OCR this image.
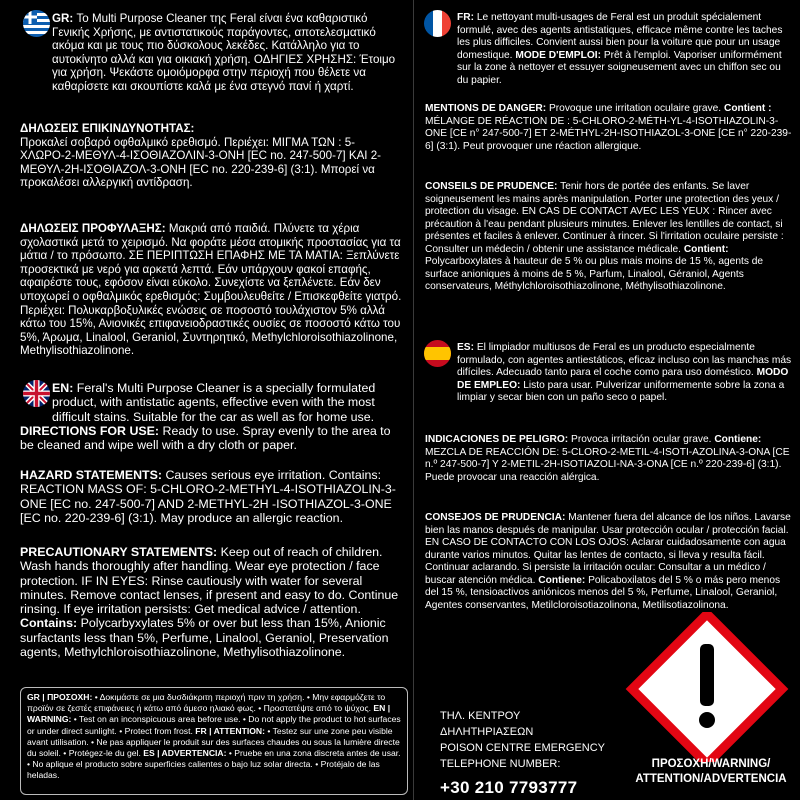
GR: Το Multi Purpose Cleaner της Feral είναι ένα καθαριστικό Γενικής Χρήσης, με αντιστατικούς παράγοντες, αποτελεσματικό ακόμα και με τους πιο δύσκολους λεκέδες. Κατάλληλο για το αυτοκίνητο αλλά και για οικιακή χρήση. ΟΔΗΓΙΕΣ ΧΡΗΣΗΣ: Έτοιμο για χρήση. Ψεκάστε ομοιόμορφα στην περιοχή που θέλετε να καθαρίσετε και σκουπίστε καλά με ένα στεγνό πανί ή χαρτί.

ΔΗΛΩΣΕΙΣ ΕΠΙΚΙΝΔΥΝΟΤΗΤΑΣ:

Προκαλεί σοβαρό οφθαλμικό ερεθισμό. Περιέχει: ΜΙΓΜΑ ΤΩΝ : 5-ΧΛΩΡΟ-2-ΜΕΘΥΛ-4-ΙΣΟΘΙΑΖΟΛΙΝ-3-ΟΝΗ [EC no. 247-500-7] ΚΑΙ 2-ΜΕΘΥΛ-2Η-ΙΣΟΘΙΑΖΟΛ-3-ΟΝΗ [EC no. 220-239-6] (3:1). Μπορεί να προκαλέσει αλλεργική αντίδραση.

ΔΗΛΩΣΕΙΣ ΠΡΟΦΥΛΑΞΗΣ: Μακριά από παιδιά. Πλύνετε τα χέρια σχολαστικά μετά το χειρισμό. Να φοράτε μέσα ατομικής προστασίας για τα μάτια / το πρόσωπο. ΣΕ ΠΕΡΙΠΤΩΣΗ ΕΠΑΦΗΣ ΜΕ ΤΑ ΜΑΤΙΑ: Ξεπλύνετε προσεκτικά με νερό για αρκετά λεπτά. Εάν υπάρχουν φακοί επαφής, αφαιρέστε τους, εφόσον είναι εύκολο. Συνεχίστε να ξεπλένετε. Εάν δεν υποχωρεί ο οφθαλμικός ερεθισμός: Συμβουλευθείτε / Επισκεφθείτε γιατρό. Περιέχει: Πολυκαρβοξυλικές ενώσεις σε ποσοστό τουλάχιστον 5% αλλά κάτω του 15%, Ανιονικές επιφανειοδραστικές ουσίες σε ποσοστό κάτω του 5%, Άρωμα, Linalool, Geraniol, Συντηρητικό, Methylchloroisothiazolinone, Methylisothiazolinone.

EN: Feral's Multi Purpose Cleaner is a specially formulated product, with antistatic agents, effective even with the most difficult stains. Suitable for the car as well as for home use.

DIRECTIONS FOR USE: Ready to use. Spray evenly to the area to be cleaned and wipe well with a dry cloth or paper.

HAZARD STATEMENTS: Causes serious eye irritation. Contains: REACTION MASS OF: 5-CHLORO-2-METHYL-4-ISOTHIAZOLIN-3-ONE [EC no. 247-500-7] AND 2-METHYL-2H -ISOTHIAZOL-3-ONE [EC no. 220-239-6] (3:1). May produce an allergic reaction.

PRECAUTIONARY STATEMENTS: Keep out of reach of children. Wash hands thoroughly after handling. Wear eye protection / face protection. IF IN EYES: Rinse cautiously with water for several minutes. Remove contact lenses, if present and easy to do. Continue rinsing. If eye irritation persists: Get medical advice / attention. Contains: Polycarbyxylates 5% or over but less than 15%, Anionic surfactants less than 5%, Perfume, Linalool, Geraniol, Preservation agents, Methylchloroisothiazolinone, Methylisothiazolinone.

GR | ΠΡΟΣΟΧΗ: • Δοκιμάστε σε μια δυσδιάκριτη περιοχή πριν τη χρήση. • Μην εφαρμόζετε το προϊόν σε ζεστές επιφάνειες ή κάτω από άμεσο ηλιακό φως. • Προστατέψτε από το ψύχος. EN | WARNING: • Test on an inconspicuous area before use. • Do not apply the product to hot surfaces or under direct sunlight. • Protect from frost. FR | ATTENTION: • Testez sur une zone peu visible avant utilisation. • Ne pas appliquer le produit sur des surfaces chaudes ou sous la lumière directe du soleil. • Protégez-le du gel. ES | ADVERTENCIA: • Pruebe en una zona discreta antes de usar. • No aplique el producto sobre superficies calientes o bajo luz solar directa. • Protéjalo de las heladas.

FR: Le nettoyant multi-usages de Feral est un produit spécialement formulé, avec des agents antistatiques, efficace même contre les taches les plus difficiles. Convient aussi bien pour la voiture que pour un usage domestique. MODE D'EMPLOI: Prêt à l'emploi. Vaporiser uniformément sur la zone à nettoyer et essuyer soigneusement avec un chiffon sec ou du papier.

MENTIONS DE DANGER: Provoque une irritation oculaire grave. Contient : MÉLANGE DE RÉACTION DE : 5-CHLORO-2-MÉTH-YL-4-ISOTHIAZOLIN-3-ONE [CE n° 247-500-7] ET 2-MÉTHYL-2H-ISOTHIAZOL-3-ONE [CE n° 220-239-6] (3:1). Peut provoquer une réaction allergique.

CONSEILS DE PRUDENCE: Tenir hors de portée des enfants. Se laver soigneusement les mains après manipulation. Porter une protection des yeux / protection du visage. EN CAS DE CONTACT AVEC LES YEUX : Rincer avec précaution à l'eau pendant plusieurs minutes. Enlever les lentilles de contact, si présentes et faciles à enlever. Continuer à rincer. Si l'irritation oculaire persiste : Consulter un médecin / obtenir une assistance médicale. Contient: Polycarboxylates à hauteur de 5 % ou plus mais moins de 15 %, agents de surface anioniques à moins de 5 %, Parfum, Linalool, Géraniol, Agents conservateurs, Méthylchloroisothiazolinone, Méthylisothiazolinone.

ES: El limpiador multiusos de Feral es un producto especialmente formulado, con agentes antiestáticos, eficaz incluso con las manchas más difíciles. Adecuado tanto para el coche como para uso doméstico. MODO DE EMPLEO: Listo para usar. Pulverizar uniformemente sobre la zona a limpiar y secar bien con un paño seco o papel.

INDICACIONES DE PELIGRO: Provoca irritación ocular grave. Contiene: MEZCLA DE REACCIÓN DE: 5-CLORO-2-METIL-4-ISOTI-AZOLINA-3-ONA [CE n.º 247-500-7] Y 2-METIL-2H-ISOTIAZOLI-NA-3-ONA [CE n.º 220-239-6] (3:1). Puede provocar una reacción alérgica.

CONSEJOS DE PRUDENCIA: Mantener fuera del alcance de los niños. Lavarse bien las manos después de manipular. Usar protección ocular / protección facial. EN CASO DE CONTACTO CON LOS OJOS: Aclarar cuidadosamente con agua durante varios minutos. Quitar las lentes de contacto, si lleva y resulta fácil. Continuar aclarando. Si persiste la irritación ocular: Consultar a un médico / buscar atención médica. Contiene: Policaboxilatos del 5 % o más pero menos del 15 %, tensioactivos aniónicos menos del 5 %, Perfume, Linalool, Geraniol, Agentes conservantes, Metilcloroisotiazolinona, Metilisotiazolinona.

ΤΗΛ. ΚΕΝΤΡΟΥ ΔΗΛΗΤΗΡΙΑΣΕΩΝ
POISON CENTRE EMERGENCY
TELEPHONE NUMBER:
+30 210 7793777
ΠΡΟΣΟΧΗ/WARNING/
ATTENTION/ADVERTENCIA
